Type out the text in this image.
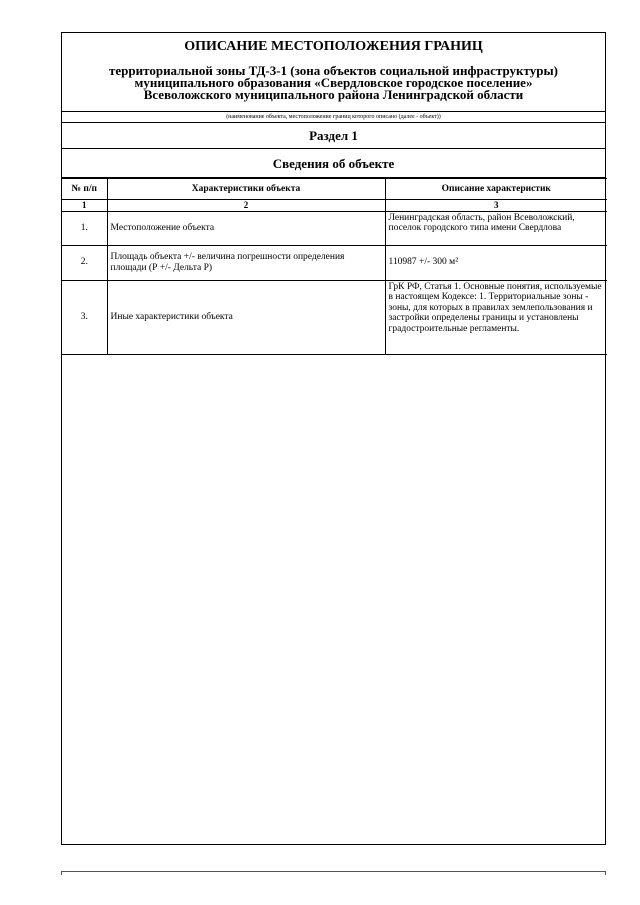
ОПИСАНИЕ МЕСТОПОЛОЖЕНИЯ ГРАНИЦ
территориальной зоны ТД-3-1 (зона объектов социальной инфраструктуры)
муниципального образования «Свердловское городское поселение»
Всеволожского муниципального района Ленинградской области
(наименование объекта, местоположение границ которого описано (далее - объект))
Раздел 1
Сведения об объекте
№ п/п	Характеристики объекта	Описание характеристик
1	2	3
1.	Местоположение объекта	Ленинградская область, район Всеволожский, поселок городского типа имени Свердлова
2.	Площадь объекта +/- величина погрешности определения площади (Р +/- Дельта Р)	110987 +/- 300 м²
3.	Иные характеристики объекта	ГрК РФ, Статья 1. Основные понятия, используемые в настоящем Кодексе: 1. Территориальные зоны - зоны, для которых в правилах землепользования и застройки определены границы и установлены градостроительные регламенты.
